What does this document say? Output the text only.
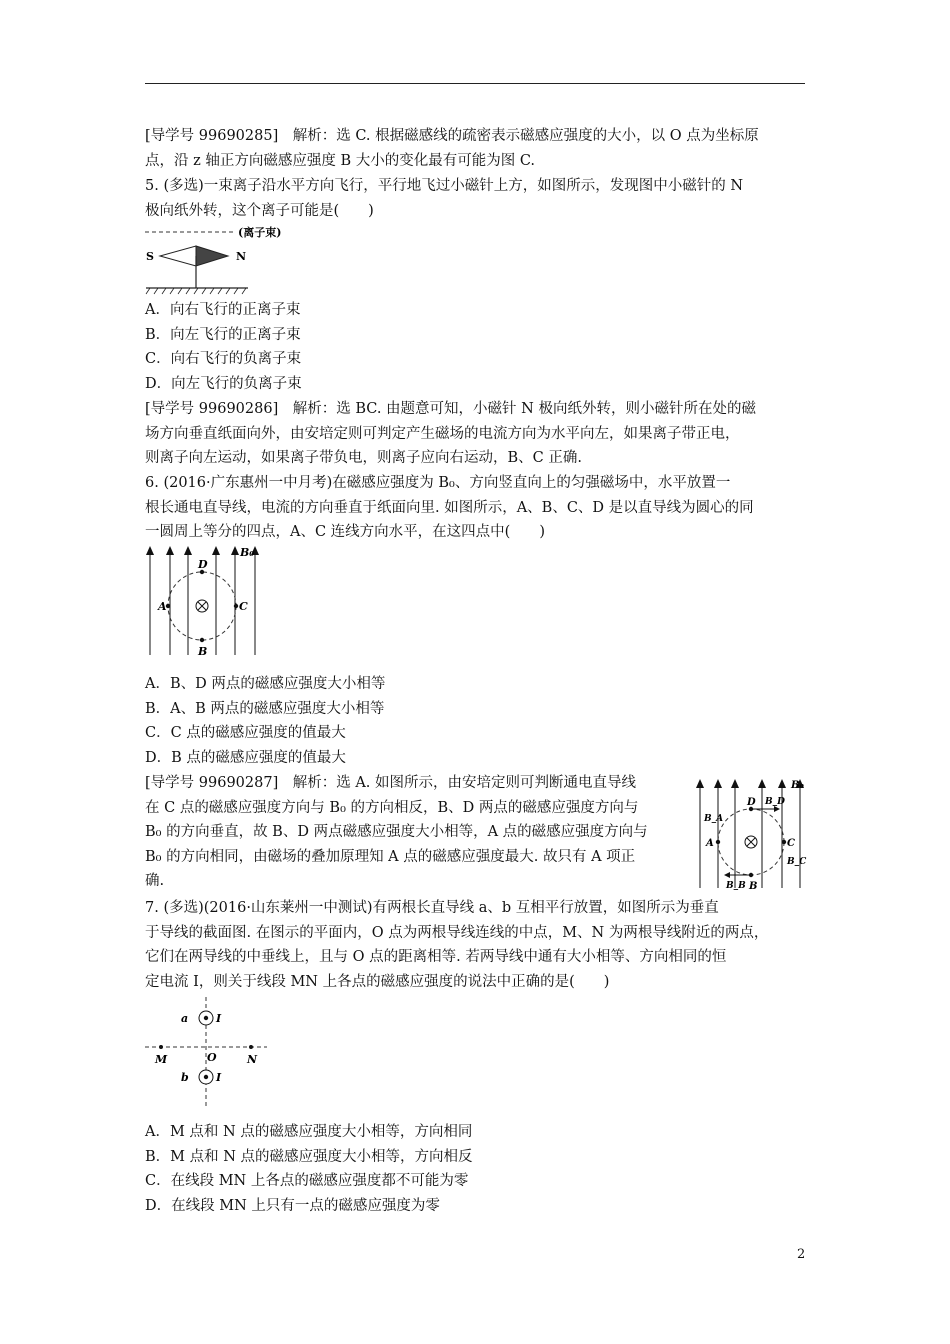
[导学号 99690285]　解析：选 C. 根据磁感线的疏密表示磁感应强度的大小，以 O 点为坐标原
点，沿 z 轴正方向磁感应强度 B 大小的变化最有可能为图 C.
5. (多选)一束离子沿水平方向飞行，平行地飞过小磁针上方，如图所示，发现图中小磁针的 N
极向纸外转，这个离子可能是(　　)
(离子束)
S	N
A．向右飞行的正离子束
B．向左飞行的正离子束
C．向右飞行的负离子束
D．向左飞行的负离子束
[导学号 99690286]　解析：选 BC. 由题意可知，小磁针 N 极向纸外转，则小磁针所在处的磁
场方向垂直纸面向外，由安培定则可判定产生磁场的电流方向为水平向左，如果离子带正电，
则离子向左运动，如果离子带负电，则离子应向右运动，B、C 正确.
6. (2016·广东惠州一中月考)在磁感应强度为 B₀、方向竖直向上的匀强磁场中，水平放置一
根长通电直导线，电流的方向垂直于纸面向里. 如图所示，A、B、C、D 是以直导线为圆心的同
一圆周上等分的四点，A、C 连线方向水平，在这四点中(　　)
B₀
D
B
A	C
A．B、D 两点的磁感应强度大小相等
B．A、B 两点的磁感应强度大小相等
C．C 点的磁感应强度的值最大
D．B 点的磁感应强度的值最大
[导学号 99690287]　解析：选 A. 如图所示，由安培定则可判断通电直导线
在 C 点的磁感应强度方向与 B₀ 的方向相反，B、D 两点的磁感应强度方向与
B₀ 的方向垂直，故 B、D 两点磁感应强度大小相等，A 点的磁感应强度方向与
B₀ 的方向相同，由磁场的叠加原理知 A 点的磁感应强度最大. 故只有 A 项正
确.
B₀
D B_D
B
B_B
A
B_A
C
B_C
7. (多选)(2016·山东莱州一中测试)有两根长直导线 a、b 互相平行放置，如图所示为垂直
于导线的截面图. 在图示的平面内，O 点为两根导线连线的中点，M、N 为两根导线附近的两点，
它们在两导线的中垂线上，且与 O 点的距离相等. 若两导线中通有大小相等、方向相同的恒
定电流 I，则关于线段 MN 上各点的磁感应强度的说法中正确的是(　　)
a	I
b I
M	N
O
A．M 点和 N 点的磁感应强度大小相等，方向相同
B．M 点和 N 点的磁感应强度大小相等，方向相反
C．在线段 MN 上各点的磁感应强度都不可能为零
D．在线段 MN 上只有一点的磁感应强度为零
2
